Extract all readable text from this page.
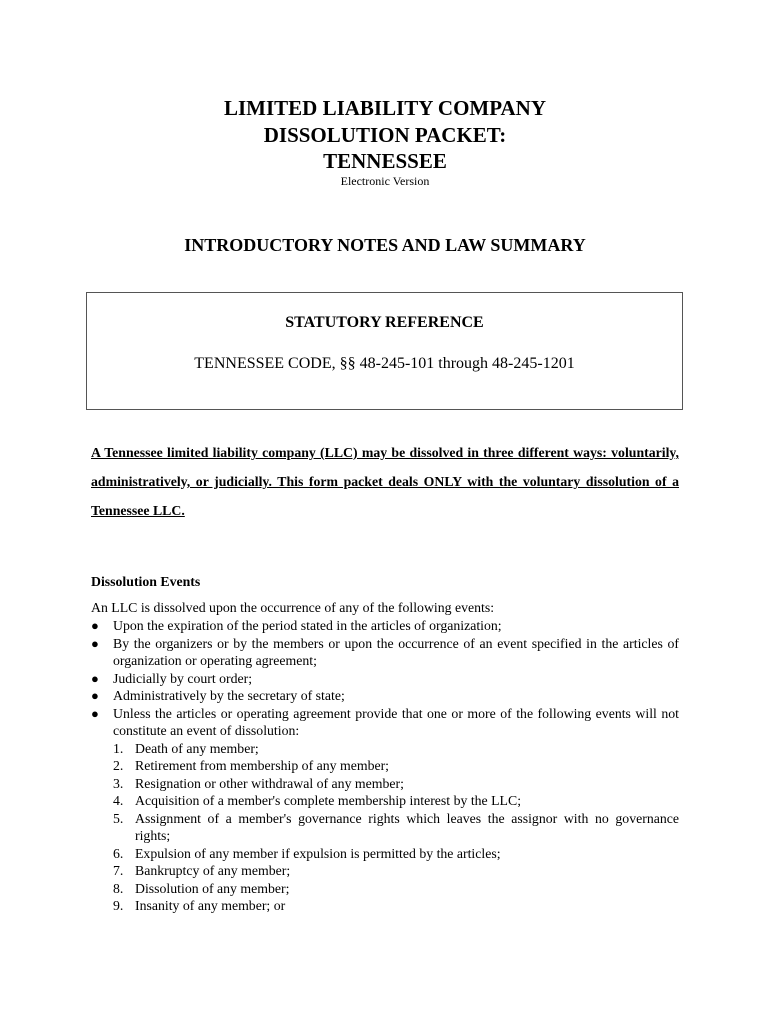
LIMITED LIABILITY COMPANY
DISSOLUTION PACKET:
TENNESSEE
Electronic Version
INTRODUCTORY NOTES AND LAW SUMMARY
STATUTORY REFERENCE
TENNESSEE CODE, §§ 48-245-101 through 48-245-1201
A Tennessee limited liability company (LLC) may be dissolved in three different ways: voluntarily, administratively, or judicially. This form packet deals ONLY with the voluntary dissolution of a Tennessee LLC.
Dissolution Events
An LLC is dissolved upon the occurrence of any of the following events:
● Upon the expiration of the period stated in the articles of organization;
● By the organizers or by the members or upon the occurrence of an event specified in the articles of organization or operating agreement;
● Judicially by court order;
● Administratively by the secretary of state;
● Unless the articles or operating agreement provide that one or more of the following events will not constitute an event of dissolution:
1. Death of any member;
2. Retirement from membership of any member;
3. Resignation or other withdrawal of any member;
4. Acquisition of a member's complete membership interest by the LLC;
5. Assignment of a member's governance rights which leaves the assignor with no governance rights;
6. Expulsion of any member if expulsion is permitted by the articles;
7. Bankruptcy of any member;
8. Dissolution of any member;
9. Insanity of any member; or
